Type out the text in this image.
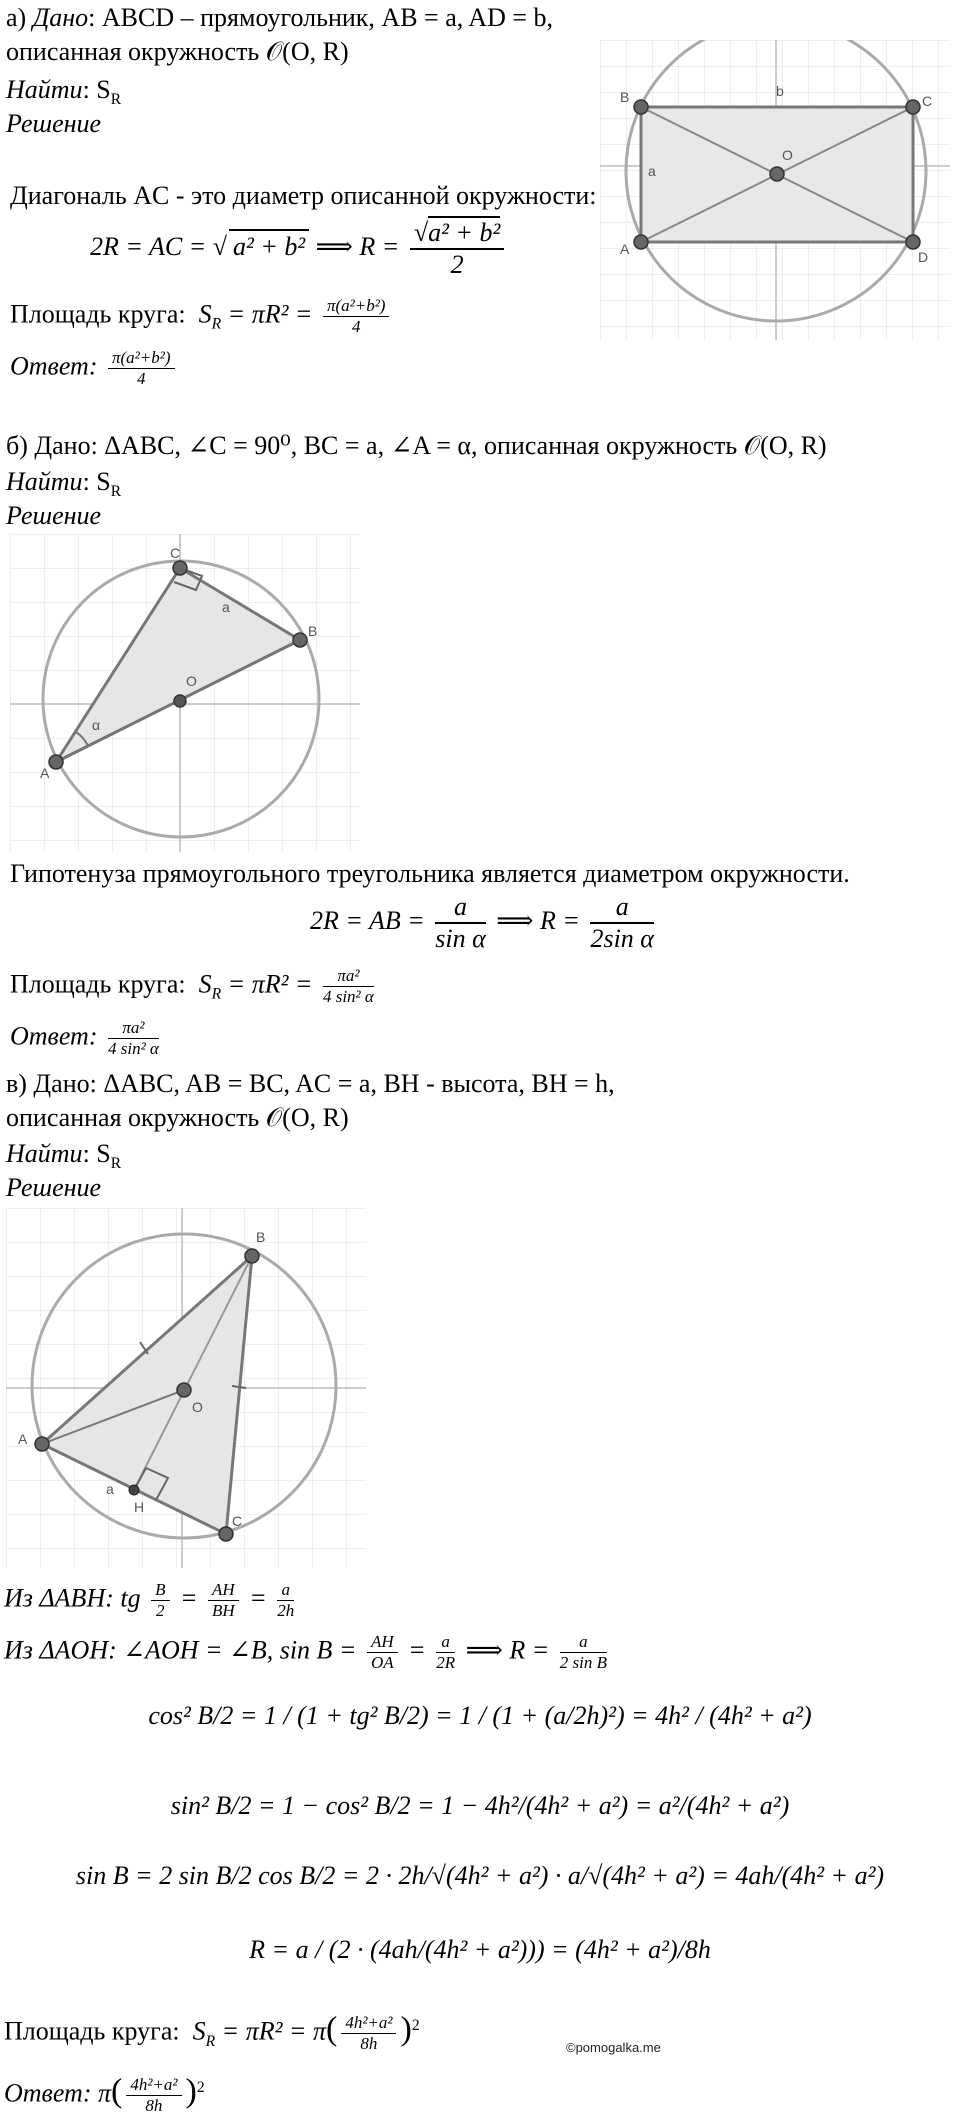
а) Дано: ABCD – прямоугольник, AB = a, AD = b,
описанная окружность 𝒪(O, R)
Найти: $S_R$
Решение
Диагональ AC - это диаметр описанной окружности:
2R = AC = √ a² + b² ⟹ $R = \frac{\text{√a² + b²}}{2}$
Площадь круга: $S_R = \pi R^2 = \frac{\text{π(a²+b²)}}{4}$
Ответ: $\frac{\text{π(a²+b²)}}{4}$
B	C
A	D
O
a
b
б) Дано: ΔABC, ∠C = 90⁰, BC = a, ∠A = α, описанная окружность 𝒪(O, R)
Найти: $S_R$
Решение
C
B
A
O
a
α
Гипотенуза прямоугольного треугольника является диаметром окружности.
2R = AB = $\frac{a}{\text{sin α}}$ ⟹ $R = \frac{a}{\text{2sin α}}$
Площадь круга: $S_R = \pi R^2 = \frac{\text{πa²}}{\text{4 sin² α}}$
Ответ: $\frac{\text{πa²}}{\text{4 sin² α}}$
в) Дано: ΔABC, AB = BC, AC = a, BH - высота, BH = h,
описанная окружность 𝒪(O, R)
Найти: $S_R$
Решение
B
A
C
O
H
a
Из ΔABH: tg $\frac{B}{2} = \frac{AH}{BH} = \frac{a}{2h}$
Из ΔAOH: ∠AOH = ∠B, $\sin B = \frac{AH}{OA} = \frac{a}{2R}$ ⟹ $R = \frac{a}{\text{2 sin B}}$
cos² B/2 = 1 / (1 + tg² B/2) = 1 / (1 + (a/2h)²) = 4h² / (4h² + a²)
sin² B/2 = 1 − cos² B/2 = 1 − 4h²/(4h² + a²) = a²/(4h² + a²)
sin B = 2 sin B/2 cos B/2 = 2 · 2h/√(4h² + a²) · a/√(4h² + a²) = 4ah/(4h² + a²)
R = a / (2 · (4ah/(4h² + a²))) = (4h² + a²)/8h
Площадь круга: $S_R = \pi R^2 = \pi( \frac{\text{4h²+a²}}{8h} )^2$
©pomogalka.me
Ответ: $\pi( \frac{\text{4h²+a²}}{8h} )^2$
